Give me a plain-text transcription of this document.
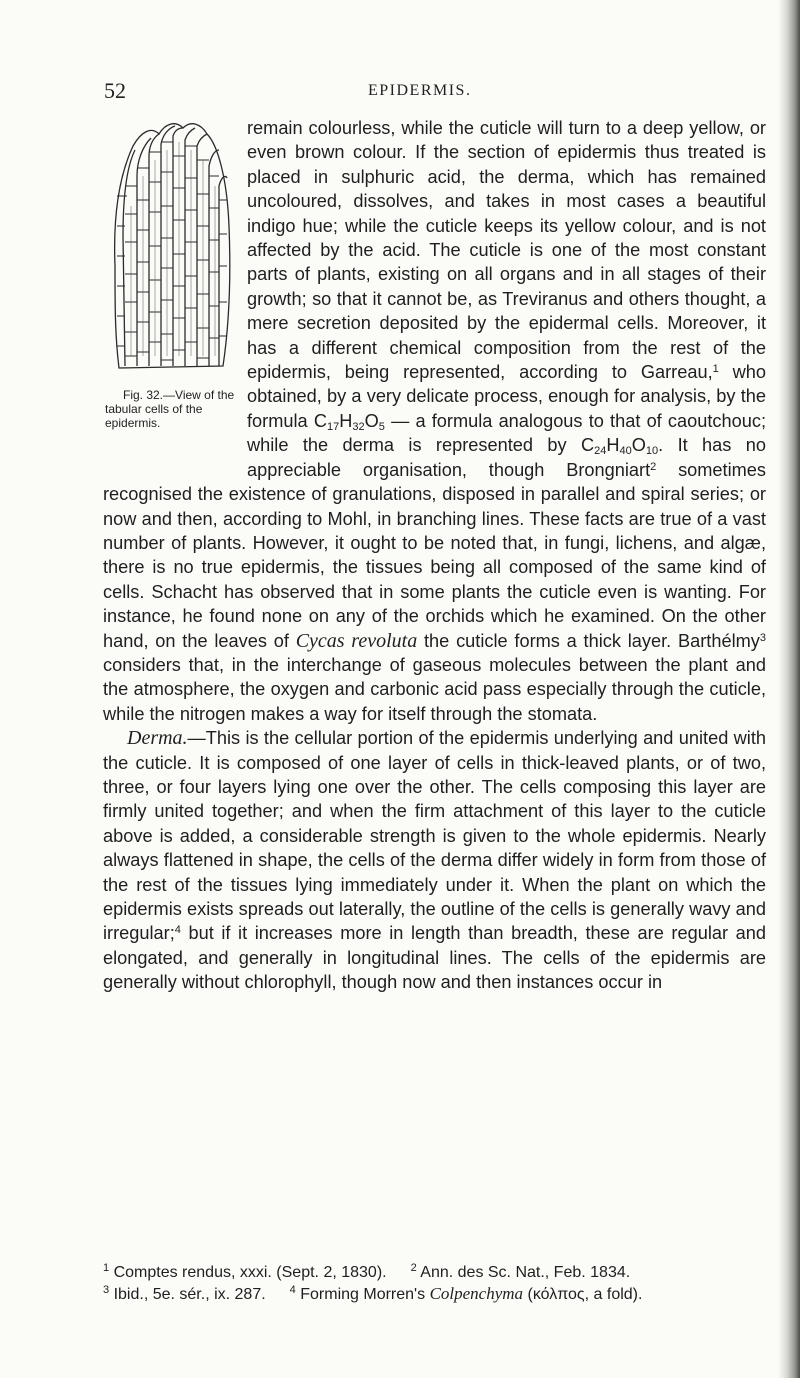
52	EPIDERMIS.
Fig. 32.—View of the tabular cells of the epidermis.

remain colourless, while the cuticle will turn to a deep yellow, or even brown colour. If the section of epidermis thus treated is placed in sulphuric acid, the derma, which has remained uncoloured, dissolves, and takes in most cases a beautiful indigo hue; while the cuticle keeps its yellow colour, and is not affected by the acid. The cuticle is one of the most constant parts of plants, existing on all organs and in all stages of their growth; so that it cannot be, as Treviranus and others thought, a mere secretion deposited by the epidermal cells. Moreover, it has a different chemical composition from the rest of the epidermis, being represented, according to Garreau,$^1$ who obtained, by a very delicate process, enough for analysis, by the formula $C_{17}H_{32}O_5$ — a formula analogous to that of caoutchouc; while the derma is represented by $C_{24}H_{40}O_{10}$. It has no appreciable organisation, though Brongniart$^2$ sometimes recognised the existence of granulations, disposed in parallel and spiral series; or now and then, according to Mohl, in branching lines. These facts are true of a vast number of plants. However, it ought to be noted that, in fungi, lichens, and algæ, there is no true epidermis, the tissues being all composed of the same kind of cells. Schacht has observed that in some plants the cuticle even is wanting. For instance, he found none on any of the orchids which he examined. On the other hand, on the leaves of Cycas revoluta the cuticle forms a thick layer. Barthélmy$^3$ considers that, in the interchange of gaseous molecules between the plant and the atmosphere, the oxygen and carbonic acid pass especially through the cuticle, while the nitrogen makes a way for itself through the stomata.

Derma.—This is the cellular portion of the epidermis underlying and united with the cuticle. It is composed of one layer of cells in thick-leaved plants, or of two, three, or four layers lying one over the other. The cells composing this layer are firmly united together; and when the firm attachment of this layer to the cuticle above is added, a considerable strength is given to the whole epidermis. Nearly always flattened in shape, the cells of the derma differ widely in form from those of the rest of the tissues lying immediately under it. When the plant on which the epidermis exists spreads out laterally, the outline of the cells is generally wavy and irregular;$^4$ but if it increases more in length than breadth, these are regular and elongated, and generally in longitudinal lines. The cells of the epidermis are generally without chlorophyll, though now and then instances occur in

$^1$ Comptes rendus, xxxi. (Sept. 2, 1830). $^2$ Ann. des Sc. Nat., Feb. 1834.
$^3$ Ibid., 5e. sér., ix. 287. $^4$ Forming Morren's Colpenchyma (κόλπος, a fold).
